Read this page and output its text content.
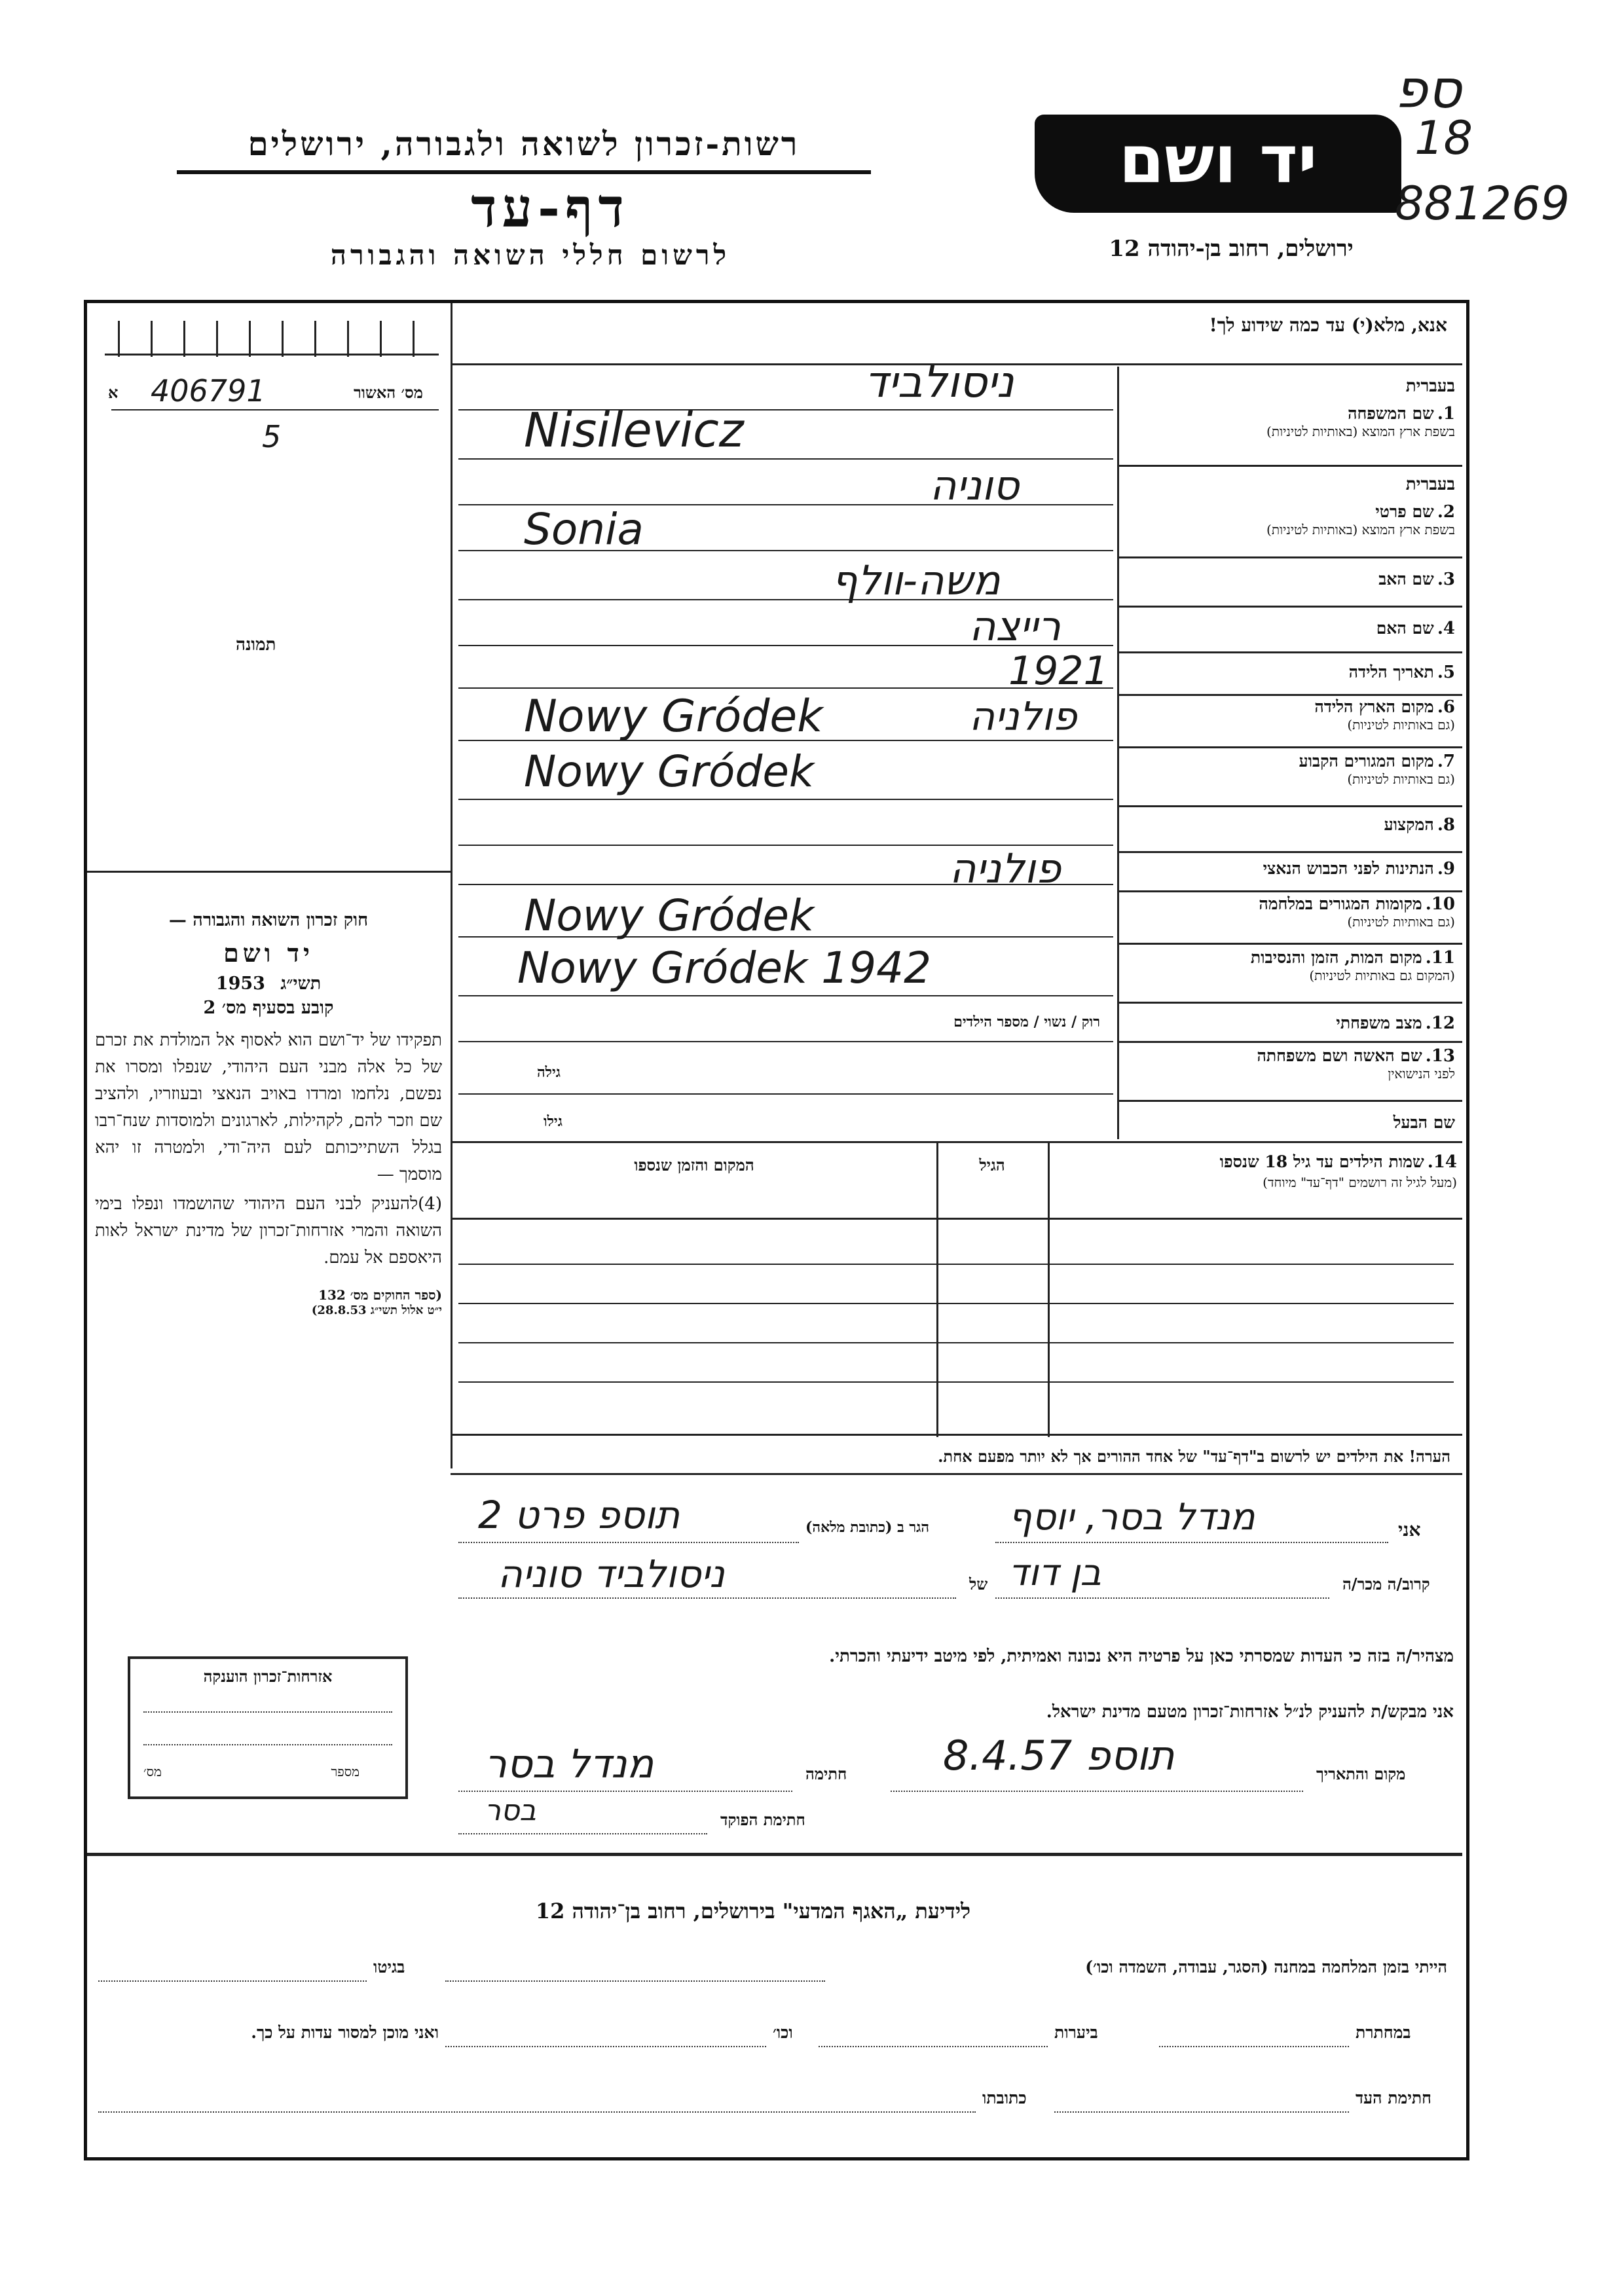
רשות-זכרון לשואה ולגבורה, ירושלים
דף-עד
לרשום חללי השואה והגבורה
יד ושם
ירושלים, רחוב בן-יהודה 12
ספ
18
881269
אנא, מלא(י) עד כמה שידוע לך!
מס׳ האשור
א 406791
5
תמונה
חוק זכרון השואה והגבורה —
יד ושם
תשי״ג 1953
קובע בסעיף מס׳ 2
תפקידו של יד־ושם הוא לאסוף אל המולדת את זכרם של כל אלה מבני העם היהודי, שנפלו ומסרו את נפשם, נלחמו ומרדו באויב הנאצי ובעוזריו, ולהציב שם וזכר להם, לקהילות, לארגונים ולמוסדות שנח־רבו בגלל השתייכותם לעם היה־ודי, ולמטרה זו יהא מוסמך —
(4)להעניק לבני העם היהודי שהושמדו ונפלו בימי השואה והמרי אזרחות־זכרון של מדינת ישראל לאות היאספם אל עמם.
(ספר החוקים מס׳ 132
י״ט אלול תשי״ג 28.8.53)
בעברית
1. שם המשפחה
בשפת ארץ המוצא (באותיות לטיניות)
ניסולביד
Nisilevicz
בעברית
2. שם פרטי
בשפת ארץ המוצא (באותיות לטיניות)
סוניה
Sonia
3. שם האב
משה-וולף
4. שם האם
רייצה
5. תאריך הלידה
1921
6. מקום הארץ הלידה
(גם באותיות לטיניות)
פולניה
Nowy Gródek
7. מקום המגורים הקבוע
(גם באותיות לטיניות)
Nowy Gródek
8. המקצוע
9. הנתינות לפני הכבוש הנאצי
פולניה
10. מקומות המגורים במלחמה
(גם באותיות לטיניות)
Nowy Gródek
11. מקום המות, הזמן והנסיבות
(המקום גם באותיות לטיניות)
Nowy Gródek 1942
12. מצב משפחתי
רוק / נשוי / מספר הילדים
13. שם האשה ושם משפחתה
לפני הנישואין
גילה
שם הבעל
גילו
14. שמות הילדים עד גיל 18 שנספו
(מעל לגיל זה רושמים "דף־עד" מיוחד)
הגיל
המקום והזמן שנספו
הערה! את הילדים יש לרשום ב"דף־עד" של אחד ההורים אך לא יותר מפעם אחת.
אני
מנדל בסר, יוסף
הגר ב (כתובת מלאה)
תוספ פרט 2
קרוב/ה מכר/ה
בן דוד
של
ניסולביד סוניה
מצהיר/ה בזה כי העדות שמסרתי כאן על פרטיה היא נכונה ואמיתית, לפי מיטב ידיעתי והכרתי.
אני מבקש/ת להעניק לנ״ל אזרחות־זכרון מטעם מדינת ישראל.
מקום והתאריך
תוספ 8.4.57
חתימה
מנדל בסר
חתימת הפוקד
בסר
אזרחות־זכרון הוענקה
מספר
מס׳
לידיעת „האגף המדעי" בירושלים, רחוב בן־יהודה 12
הייתי בזמן המלחמה במחנה (הסגר, עבודה, השמדה וכו׳)
בגיטו
במחתרת
ביערות
וכו׳
ואני מוכן למסור עדות על כך.
חתימת העד
כתובתו
